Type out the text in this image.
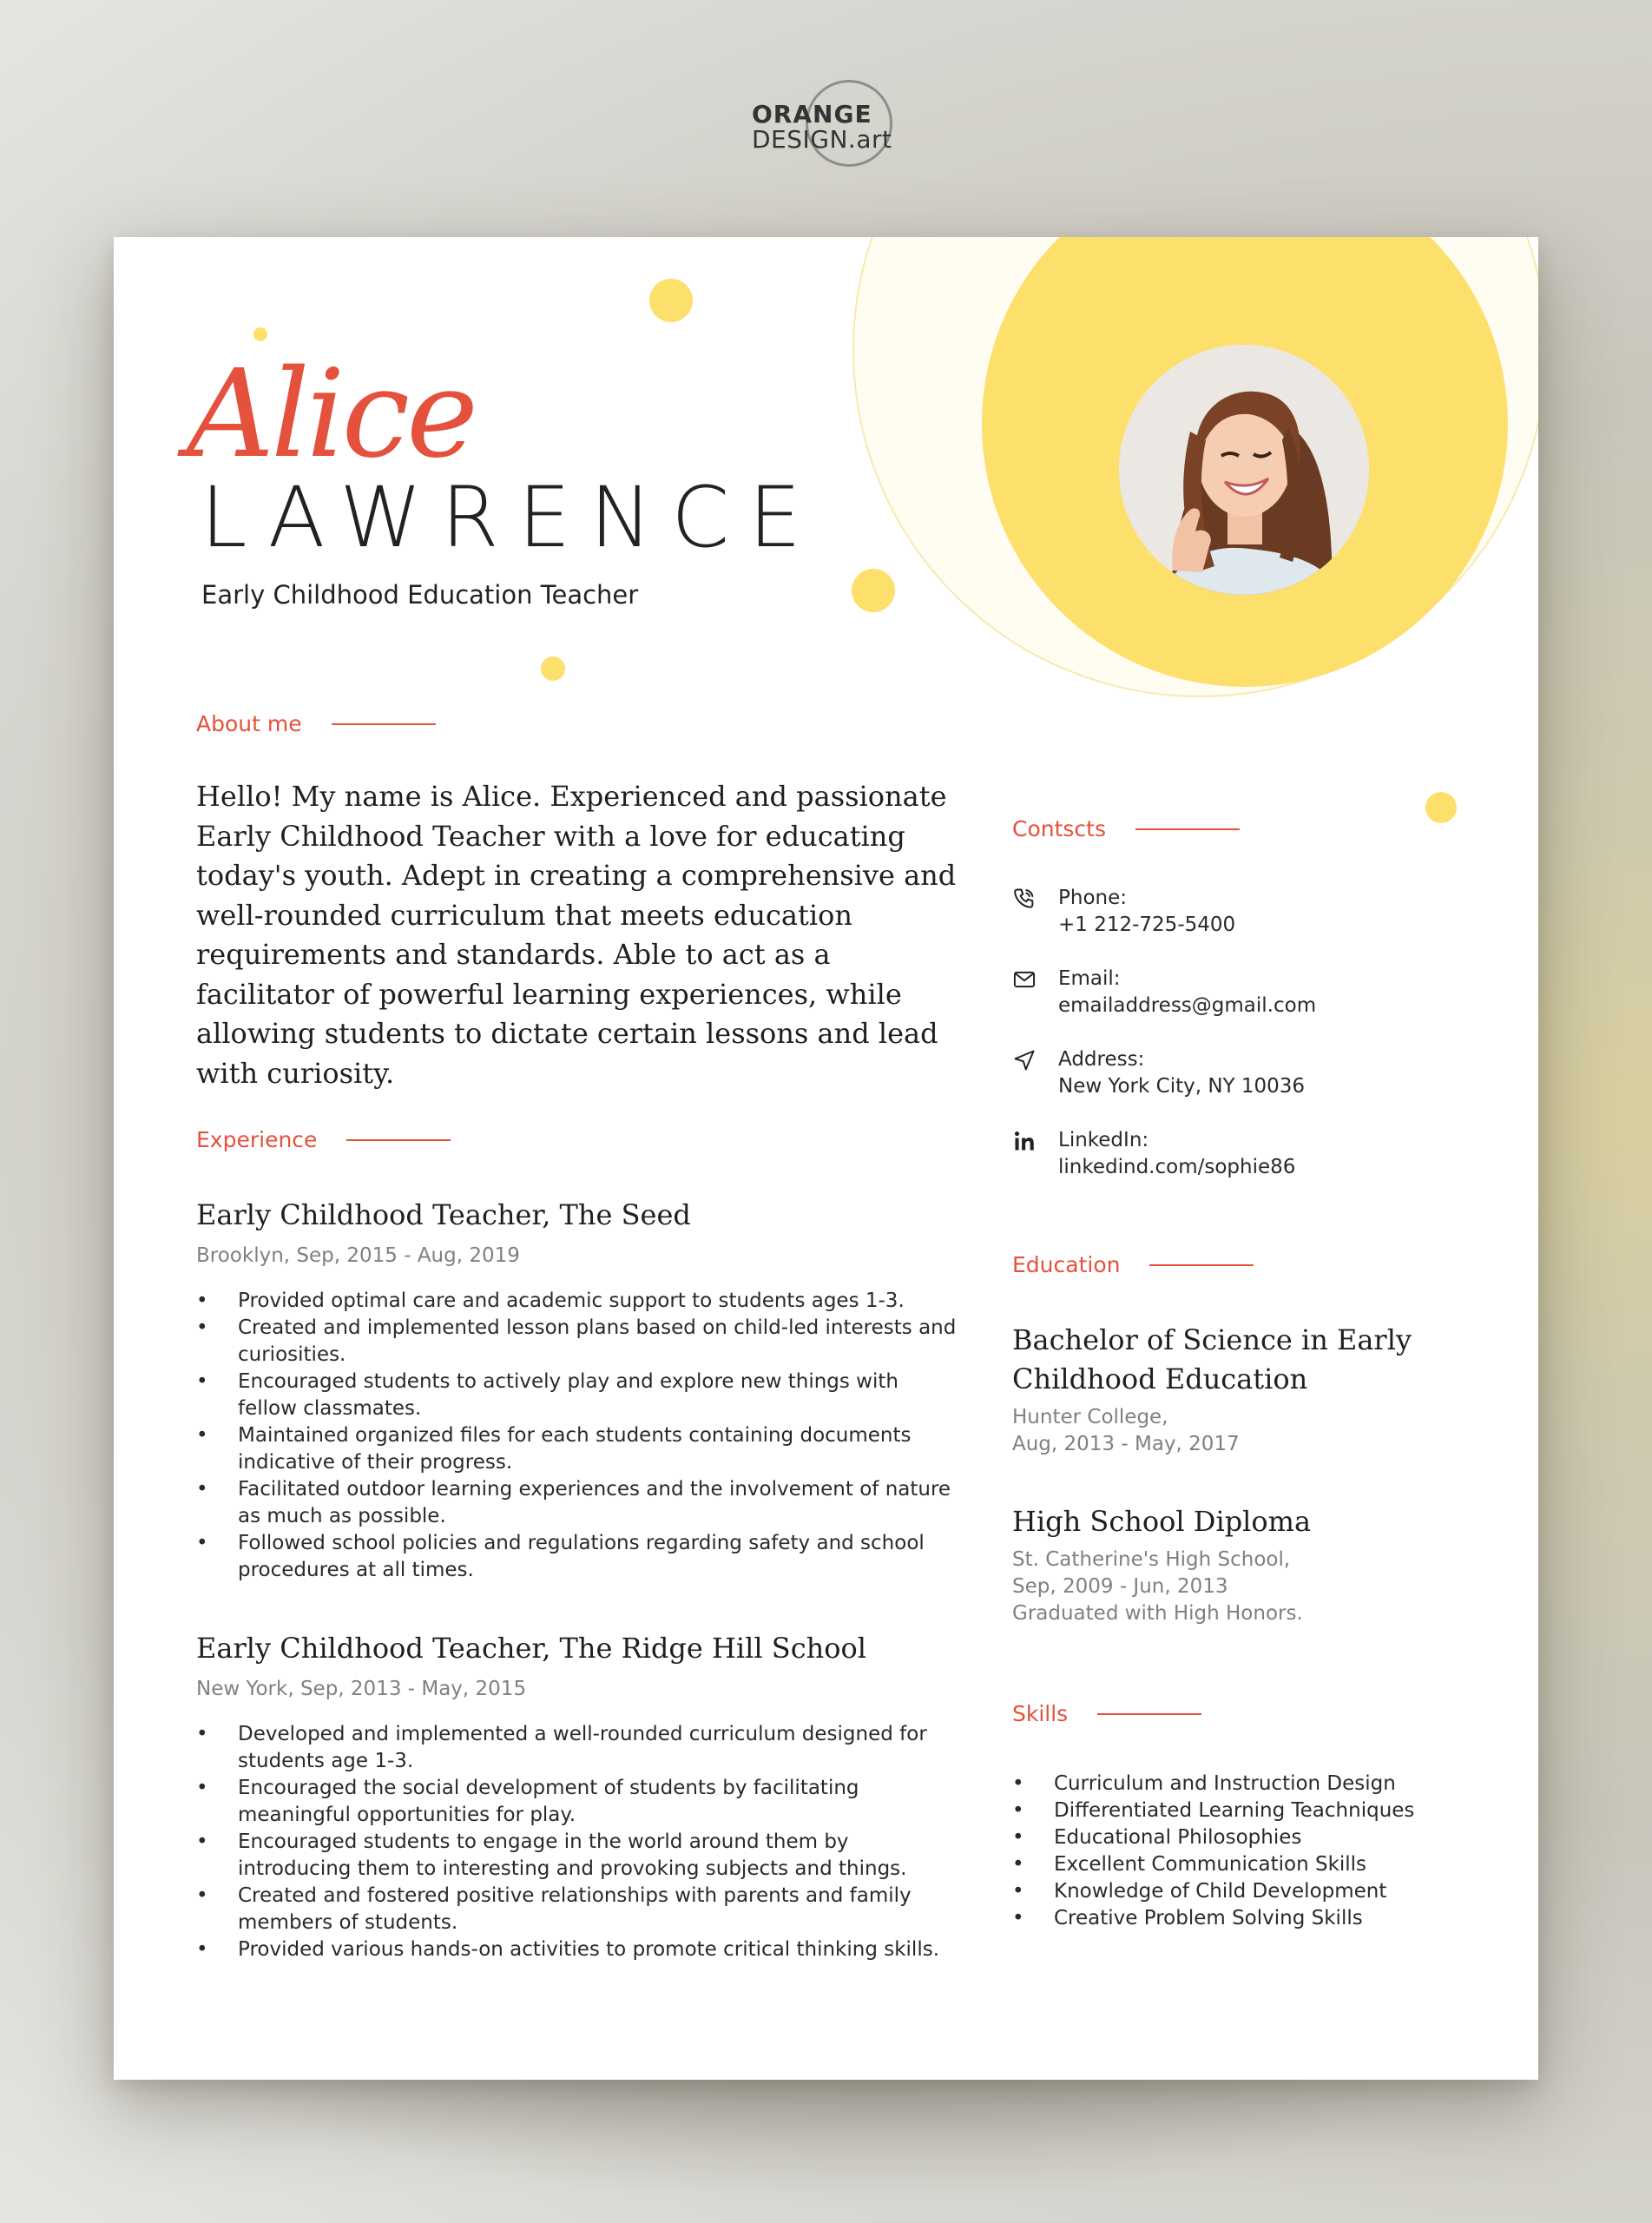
ORANGE
DESIGN.art
Alice
LAWRENCE
Early Childhood Education Teacher
About me
Hello! My name is Alice. Experienced and passionate Early Childhood Teacher with a love for educating today's youth. Adept in creating a comprehensive and well-rounded curriculum that meets education requirements and standards. Able to act as a facilitator of powerful learning experiences, while allowing students to dictate certain lessons and lead with curiosity.
Experience
Early Childhood Teacher, The Seed
Brooklyn, Sep, 2015 - Aug, 2019
• Provided optimal care and academic support to students ages 1-3.
• Created and implemented lesson plans based on child-led interests and curiosities.
• Encouraged students to actively play and explore new things with fellow classmates.
• Maintained organized files for each students containing documents indicative of their progress.
• Facilitated outdoor learning experiences and the involvement of nature as much as possible.
• Followed school policies and regulations regarding safety and school procedures at all times.
Early Childhood Teacher, The Ridge Hill School
New York, Sep, 2013 - May, 2015
• Developed and implemented a well-rounded curriculum designed for students age 1-3.
• Encouraged the social development of students by facilitating meaningful opportunities for play.
• Encouraged students to engage in the world around them by introducing them to interesting and provoking subjects and things.
• Created and fostered positive relationships with parents and family members of students.
• Provided various hands-on activities to promote critical thinking skills.
Contscts
Phone:
+1 212-725-5400
Email:
emailaddress@gmail.com
Address:
New York City, NY 10036
LinkedIn:
linkedind.com/sophie86
Education
Bachelor of Science in Early Childhood Education
Hunter College,
Aug, 2013 - May, 2017
High School Diploma
St. Catherine's High School,
Sep, 2009 - Jun, 2013
Graduated with High Honors.
Skills
• Curriculum and Instruction Design
• Differentiated Learning Teachniques
• Educational Philosophies
• Excellent Communication Skills
• Knowledge of Child Development
• Creative Problem Solving Skills
